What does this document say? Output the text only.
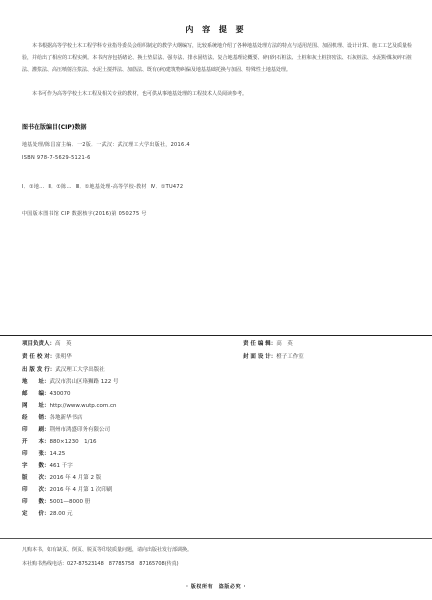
内 容 提 要
本书根据高等学校土木工程学科专业指导委员会组织制定的教学大纲编写，比较系统地介绍了各种地基处理方法的特点与适用范围、加固机理、设计计算、施工工艺及质量检验，并给出了相应的工程实例。本书内容包括绪论、换土垫层法、强夯法、排水固结法、复合地基理论概要、碎(砂)石桩法、土桩和灰土桩挤密法、石灰桩法、水泥粉煤灰碎石桩法、灌浆法、高压喷射注浆法、水泥土搅拌法、加筋法、既有(病)建筑物纠偏及地基基础托换与加固、特殊性土地基处理。
本书可作为高等学校土木工程及相关专业的教材，也可供从事地基处理的工程技术人员阅读参考。
图书在版编目(CIP)数据
地基处理/陈昌富主编．一2版．一武汉：武汉理工大学出版社，2016.4
ISBN 978-7-5629-5121-6
Ⅰ．①地… Ⅱ．①陈… Ⅲ．①地基处理-高等学校-教材 Ⅳ．①TU472
中国版本图书馆 CIP 数据核字(2016)第 050275 号
项目负责人：高　英	责 任 编 辑：高　英
责 任 校 对：张明华	封 面 设 计：橙子工作室
出 版 发 行：武汉理工大学出版社
地　　址：武汉市洪山区珞狮路 122 号
邮　　编：430070
网　　址：http://www.wutp.com.cn
经　　销：各地新华书店
印　　刷：荆州市鸿盛印务有限公司
开　　本：880×1230　1/16
印　　张：14.25
字　　数：461 千字
版　　次：2016 年 4 月第 2 版
印　　次：2016 年 4 月第 1 次印刷
印　　数：5001—8000 册
定　　价：28.00 元
凡购本书，如有缺页、倒页、脱页等印装质量问题，请向出版社发行部调换。
本社购书热线电话：027-87523148　87785758　87165708(传真)
· 版权所有　盗版必究 ·
